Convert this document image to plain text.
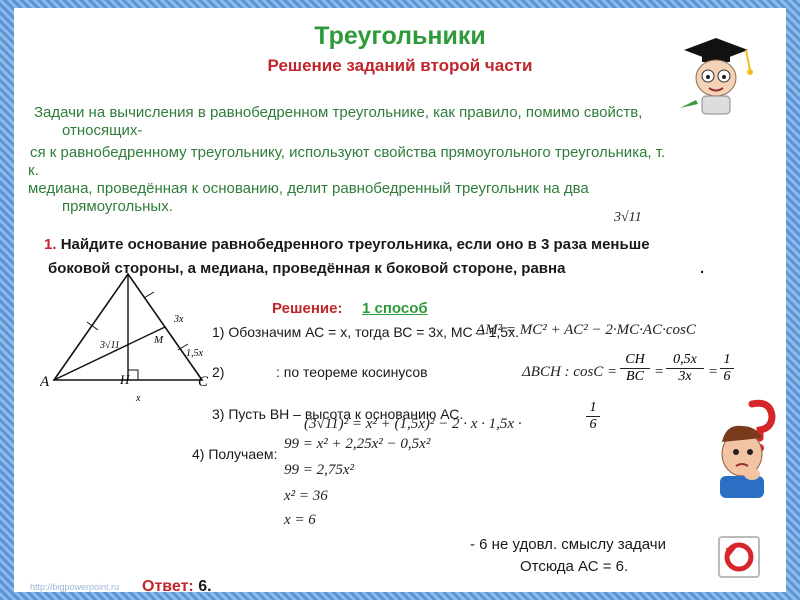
Треугольники
Решение заданий второй части
Задачи на вычисления в равнобедренном треугольнике, как правило, помимо свойств,
относящих-
ся к равнобедренному треугольнику, используют свойства прямоугольного треугольника, т.
к.
медиана, проведённая к основанию, делит равнобедренный треугольник на два
прямоугольных.
3√11
1. Найдите основание равнобедренного треугольника, если оно в 3 раза меньше
боковой стороны, а медиана, проведённая к боковой стороне, равна	.
A	C
H
M
x
3x
1,5x
3√11
Решение: 1 способ
1) Обозначим АС = х, тогда ВС = 3х, МС = 1,5х.
AM² = MC² + AC² − 2·MC·AC·cosC
2)	: по теореме косинусов	ΔBCH : cosC =
CH
BC = $\frac{0,5x}{3x} = \frac{1}{6}$
3) Пусть ВН – высота к основанию АС.
(3√11)² = x² + (1,5x)² − 2 · x · 1,5x ·	$\frac{1}{6}$
4) Получаем:
99 = x² + 2,25x² − 0,5x²
99 = 2,75x²
x² = 36
x = 6
- 6 не удовл. смыслу задачи
Отсюда АС = 6.
Ответ: 6.
http://bigpowerpoint.ru
